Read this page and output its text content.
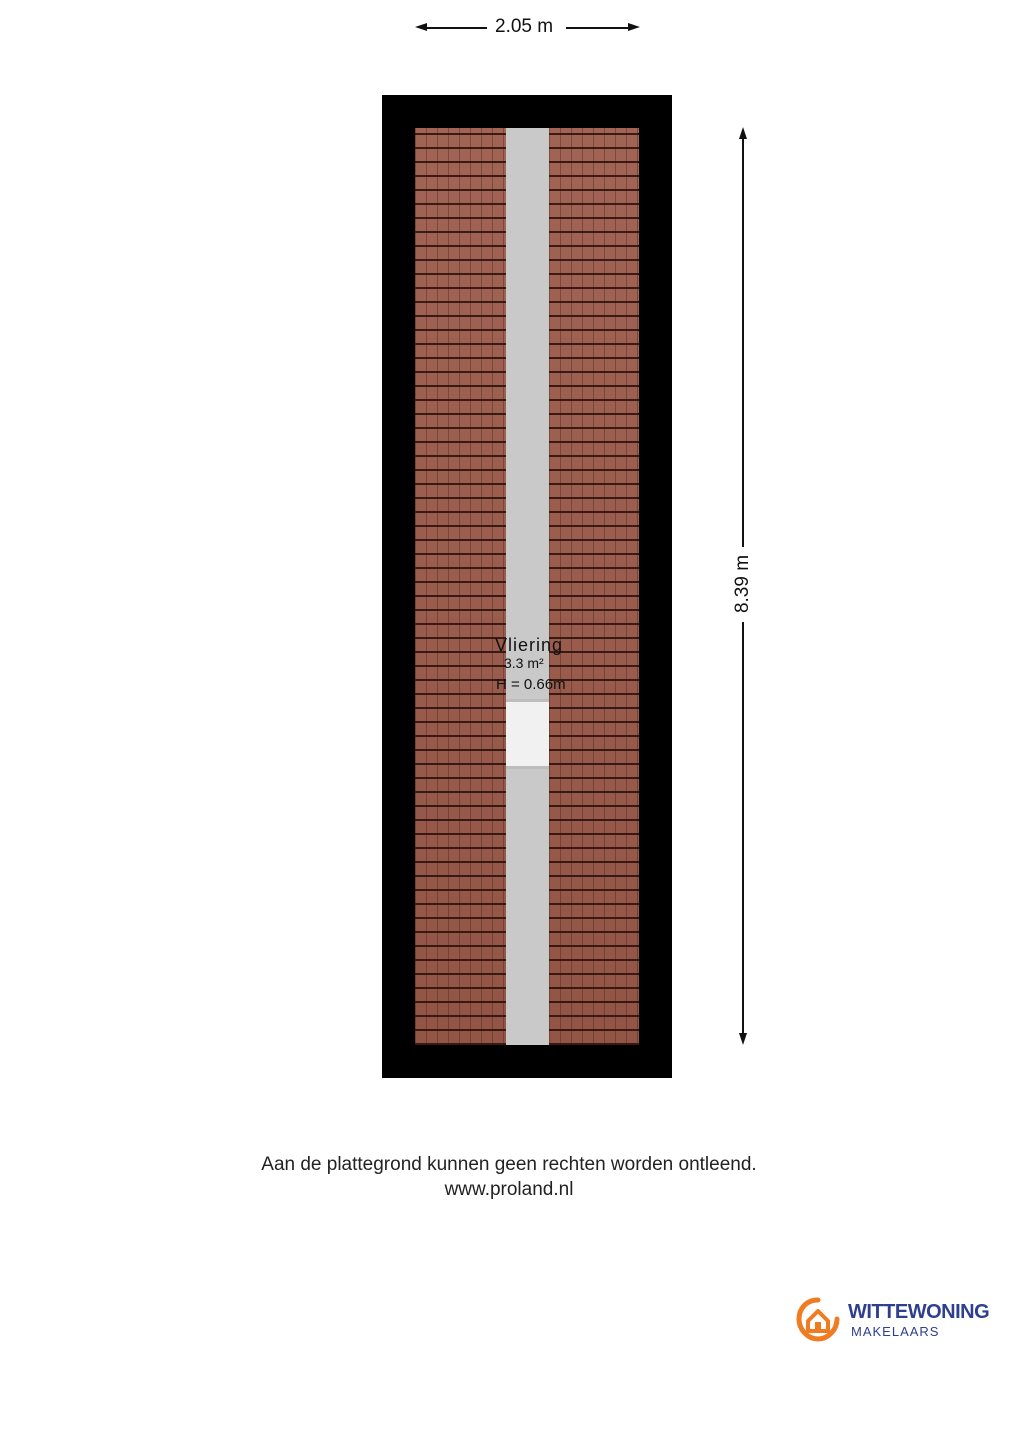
2.05 m
8.39 m
Vliering
3.3 m²
H = 0.66m
Aan de plattegrond kunnen geen rechten worden ontleend.
www.proland.nl
WITTEWONING
MAKELAARS
